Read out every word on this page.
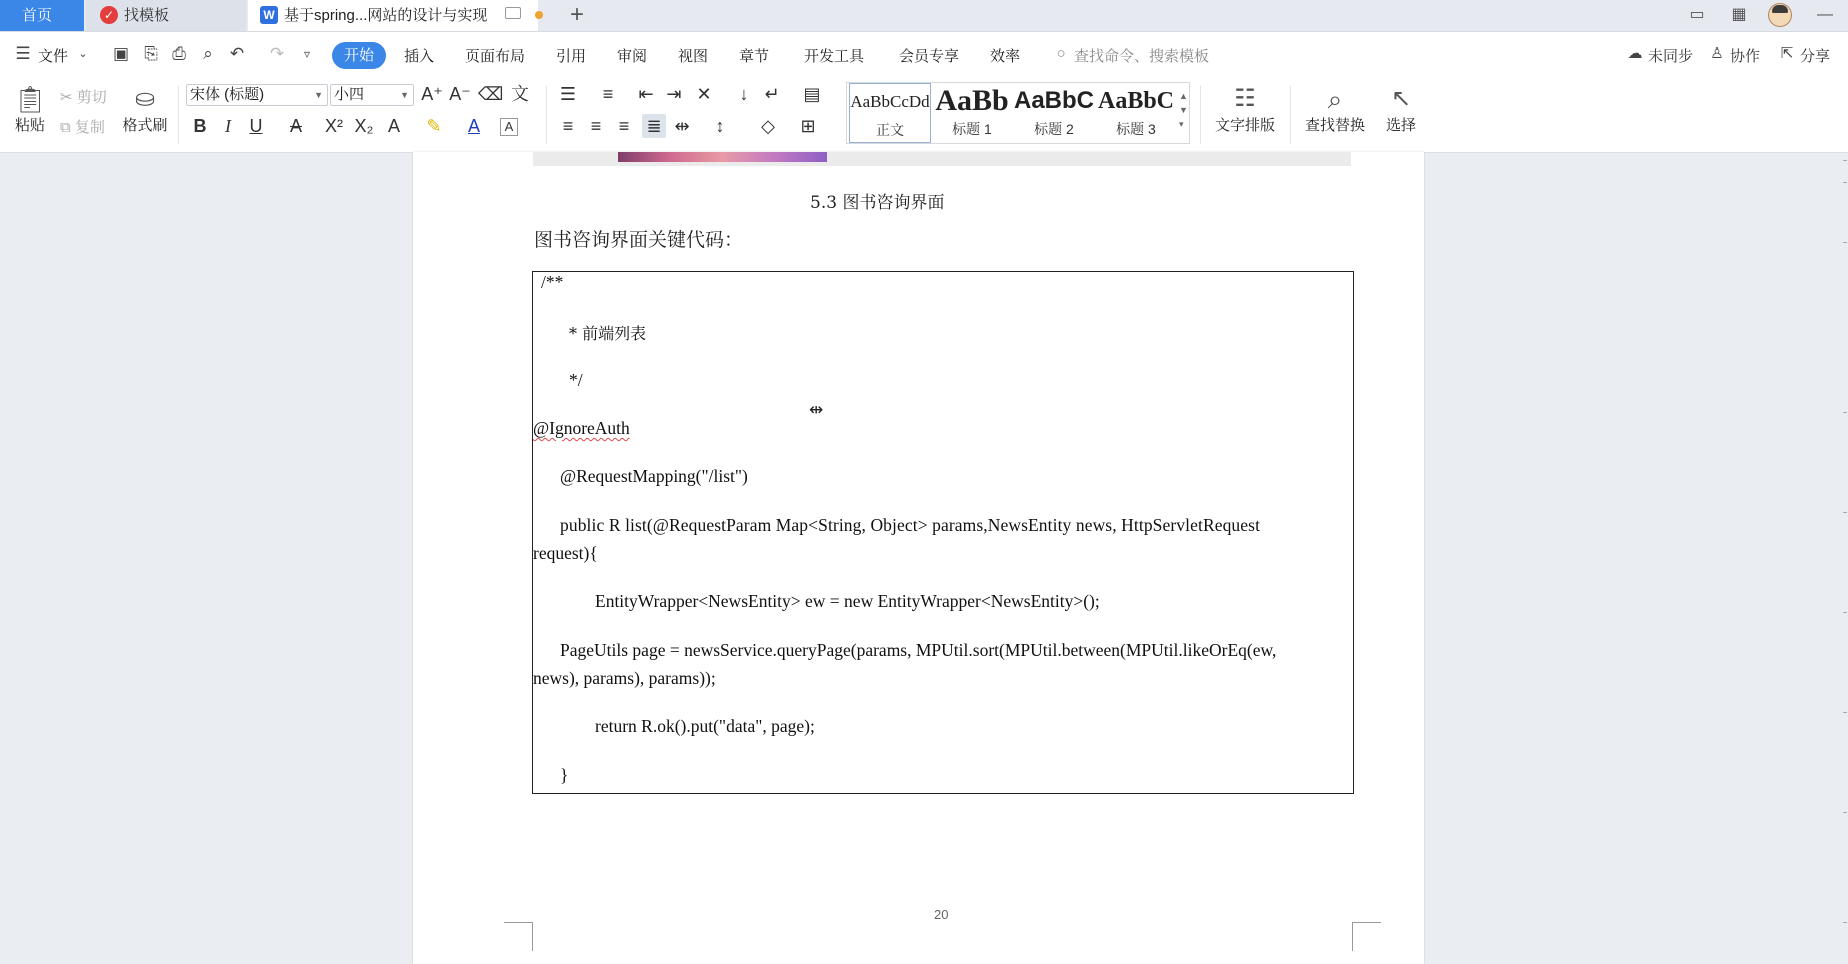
首页	找模板	基于spring...网站的设计与实现
✓	W	+	▭ ▦	—
☰ 文件 ⌄	▣ ⎘ ⎙	⌕	↶ ↷	▿	开始	插入 页面布局 引用 审阅 视图 章节 开发工具 会员专享 效率	○ 查找命令、搜索模板	☁ 未同步 ♙ 协作	⇱ 分享
📋︎
粘贴
✂ 剪切
⧉ 复制
⛀
格式刷
宋体 (标题)	▼ 小四	▼ A⁺ A⁻ ⌫ 文
B	I	U	A	X² X₂ A	✎	A	A
☰	≡	⇤ ⇥ ✕	↓ ↵ ▤
≡ ≡ ≡ ≣ ⇹	↕	◇ ⊞
AaBbCcDd
正文
AaBb
标题 1
AaBbC
标题 2
AaBbC
标题 3
▲
▼
▾
☷
文字排版
⌕
查找替换
↖
选择
5.3 图书咨询界面
图书咨询界面关键代码：
/**
* 前端列表
*/
@IgnoreAuth
@RequestMapping("/list")
public R list(@RequestParam Map<String, Object> params,NewsEntity news, HttpServletRequest
request){
EntityWrapper<NewsEntity> ew = new EntityWrapper<NewsEntity>();
PageUtils page = newsService.queryPage(params, MPUtil.sort(MPUtil.between(MPUtil.likeOrEq(ew,
news), params), params));
return R.ok().put("data", page);
}
⇹
20
